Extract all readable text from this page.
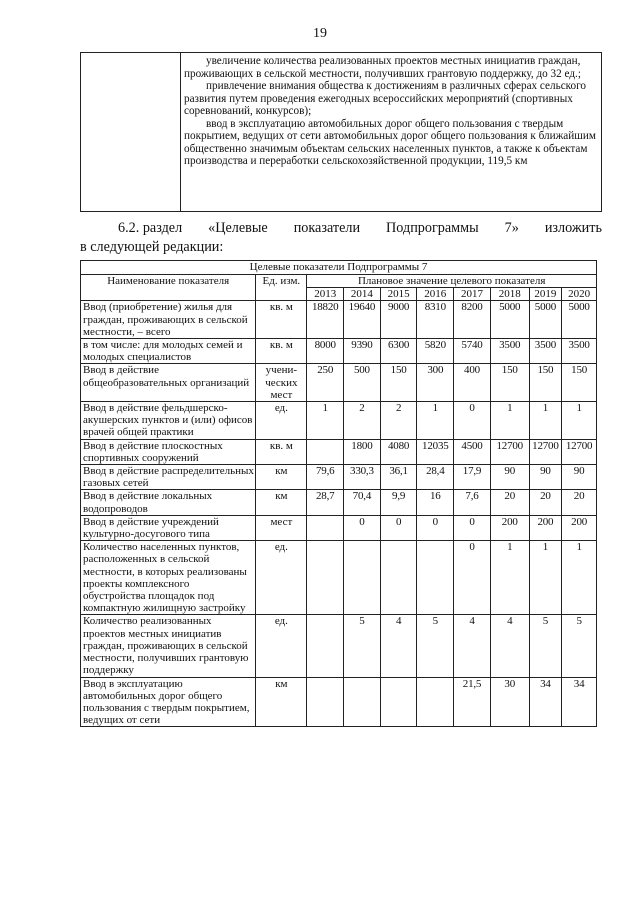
19

увеличение количества реализованных проектов местных инициатив граждан, проживающих в сельской местности, получивших грантовую поддержку, до 32 ед.;

привлечение внимания общества к достижениям в различных сферах сельского развития путем проведения ежегодных всероссийских мероприятий (спортивных соревнований, конкурсов);

ввод в эксплуатацию автомобильных дорог общего пользования с твердым покрытием, ведущих от сети автомобильных дорог общего пользования к ближайшим общественно значимым объектам сельских населенных пунктов, а также к объектам производства и переработки сельскохозяйственной продукции, 119,5 км

6.2. раздел «Целевые показатели Подпрограммы 7» изложить
в следующей редакции:
Целевые показатели Подпрограммы 7									
Наименование показателя	Ед. изм.	Плановое значение целевого показателя							
		2013	2014	2015	2016	2017	2018	2019	2020
Ввод (приобретение) жилья для граждан, проживающих в сельской местности, – всего	кв. м	18820	19640	9000	8310	8200	5000	5000	5000
в том числе: для молодых семей и молодых специалистов	кв. м	8000	9390	6300	5820	5740	3500	3500	3500
Ввод в действие общеобразовательных организаций	учени-ческих мест	250	500	150	300	400	150	150	150
Ввод в действие фельдшерско-акушерских пунктов и (или) офисов врачей общей практики	ед.	1	2	2	1	0	1	1	1
Ввод в действие плоскостных спортивных сооружений	кв. м		1800	4080	12035	4500	12700	12700	12700
Ввод в действие распределительных газовых сетей	км	79,6	330,3	36,1	28,4	17,9	90	90	90
Ввод в действие локальных водопроводов	км	28,7	70,4	9,9	16	7,6	20	20	20
Ввод в действие учреждений культурно-досугового типа	мест		0	0	0	0	200	200	200
Количество населенных пунктов, расположенных в сельской местности, в которых реализованы проекты комплексного обустройства площадок под компактную жилищную застройку	ед.					0	1	1	1
Количество реализованных проектов местных инициатив граждан, проживающих в сельской местности, получивших грантовую поддержку	ед.		5	4	5	4	4	5	5
Ввод в эксплуатацию автомобильных дорог общего пользования с твердым покрытием, ведущих от сети	км					21,5	30	34	34
